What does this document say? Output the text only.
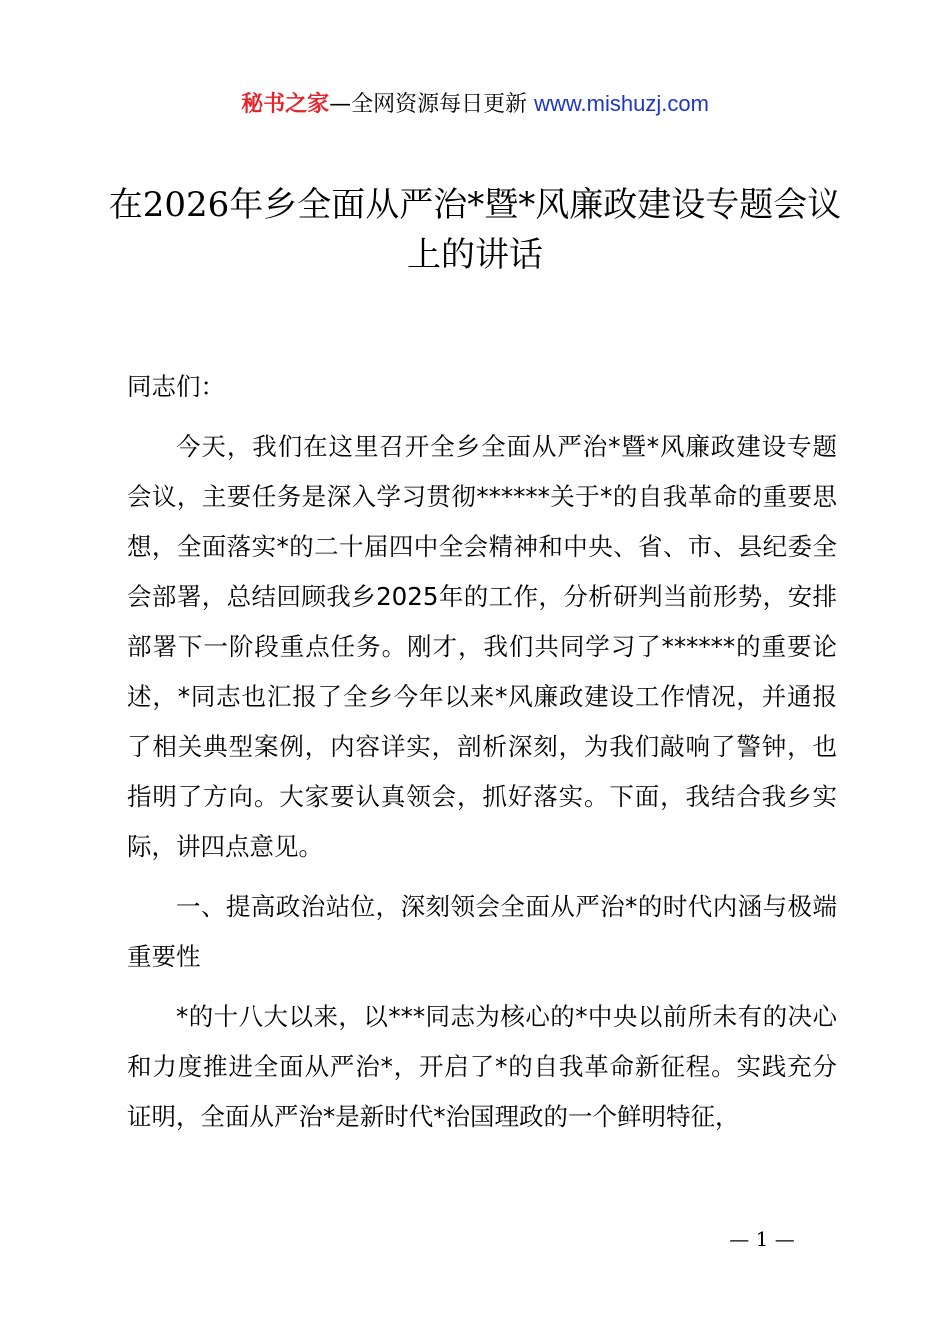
秘书之家—全网资源每日更新 www.mishuzj.com
在2026年乡全面从严治*暨*风廉政建设专题会议上的讲话

同志们：

今天，我们在这里召开全乡全面从严治*暨*风廉政建设专题会议，主要任务是深入学习贯彻******关于*的自我革命的重要思想，全面落实*的二十届四中全会精神和中央、省、市、县纪委全会部署，总结回顾我乡2025年的工作，分析研判当前形势，安排部署下一阶段重点任务。刚才，我们共同学习了******的重要论述，*同志也汇报了全乡今年以来*风廉政建设工作情况，并通报了相关典型案例，内容详实，剖析深刻，为我们敲响了警钟，也指明了方向。大家要认真领会，抓好落实。下面，我结合我乡实际，讲四点意见。

一、提高政治站位，深刻领会全面从严治*的时代内涵与极端重要性

*的十八大以来，以***同志为核心的*中央以前所未有的决心和力度推进全面从严治*，开启了*的自我革命新征程。实践充分证明，全面从严治*是新时代*治国理政的一个鲜明特征，

— 1 —
